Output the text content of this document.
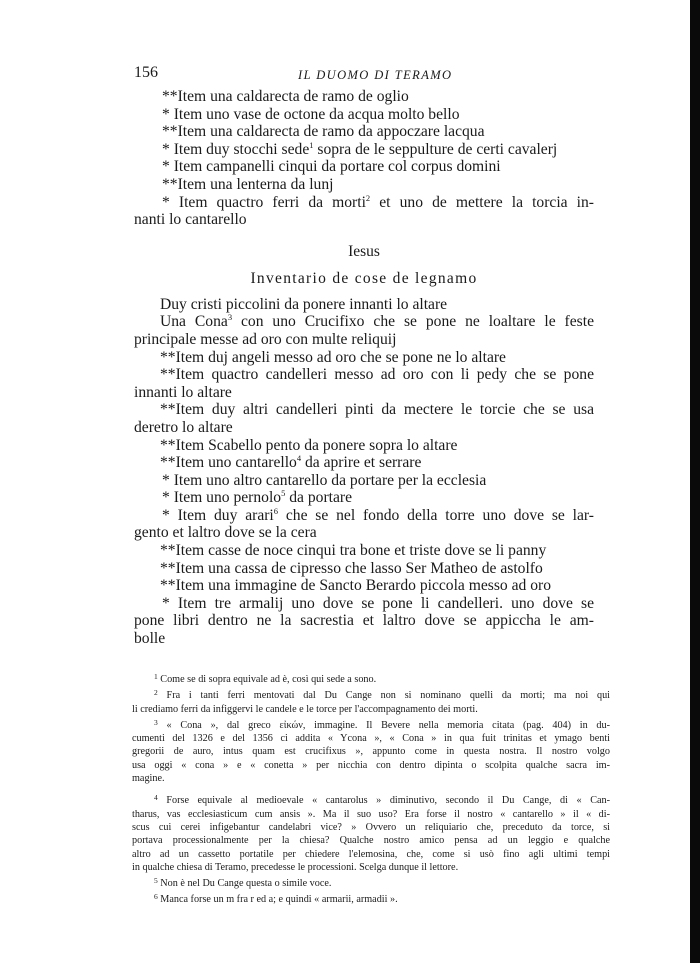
156	IL DUOMO DI TERAMO
**Item una caldarecta de ramo de oglio
* Item uno vase de octone da acqua molto bello
**Item una caldarecta de ramo da appoczare lacqua
* Item duy stocchi sede$^1$ sopra de le seppulture de certi cavalerj
* Item campanelli cinqui da portare col corpus domini
**Item una lenterna da lunj
* Item quactro ferri da morti$^2$ et uno de mettere la torcia in-
nanti lo cantarello
Iesus
Inventario de cose de legnamo
Duy cristi piccolini da ponere innanti lo altare
Una Cona$^3$ con uno Crucifixo che se pone ne loaltare le feste
principale messe ad oro con multe reliquij
**Item duj angeli messo ad oro che se pone ne lo altare
**Item quactro candelleri messo ad oro con li pedy che se pone
innanti lo altare
**Item duy altri candelleri pinti da mectere le torcie che se usa
deretro lo altare
**Item Scabello pento da ponere sopra lo altare
**Item uno cantarello$^4$ da aprire et serrare
* Item uno altro cantarello da portare per la ecclesia
* Item uno pernolo$^5$ da portare
* Item duy arari$^6$ che se nel fondo della torre uno dove se lar-
gento et laltro dove se la cera
**Item casse de noce cinqui tra bone et triste dove se li panny
**Item una cassa de cipresso che lasso Ser Matheo de astolfo
**Item una immagine de Sancto Berardo piccola messo ad oro
* Item tre armalij uno dove se pone li candelleri. uno dove se
pone libri dentro ne la sacrestia et laltro dove se appiccha le am-
bolle
$^1$ Come se di sopra equivale ad è, così qui sede a sono.
$^2$ Fra i tanti ferri mentovati dal Du Cange non si nominano quelli da morti; ma noi qui
li crediamo ferri da infiggervi le candele e le torce per l'accompagnamento dei morti.
$^3$ « Cona », dal greco εἰκών, immagine. Il Bevere nella memoria citata (pag. 404) in du-
cumenti del 1326 e del 1356 ci addita « Ycona », « Cona » in qua fuit trinitas et ymago benti
gregorii de auro, intus quam est crucifixus », appunto come in questa nostra. Il nostro volgo
usa oggi « cona » e « conetta » per nicchia con dentro dipinta o scolpita qualche sacra im-
magine.
$^4$ Forse equivale al medioevale « cantarolus » diminutivo, secondo il Du Cange, di « Can-
tharus, vas ecclesiasticum cum ansis ». Ma il suo uso? Era forse il nostro « cantarello » il « di-
scus cui cerei infigebantur candelabri vice? » Ovvero un reliquiario che, preceduto da torce, si
portava processionalmente per la chiesa? Qualche nostro amico pensa ad un leggio e qualche
altro ad un cassetto portatile per chiedere l'elemosina, che, come si usò fino agli ultimi tempi
in qualche chiesa di Teramo, precedesse le processioni. Scelga dunque il lettore.
$^5$ Non è nel Du Cange questa o simile voce.
$^6$ Manca forse un m fra r ed a; e quindi « armarii, armadii ».
